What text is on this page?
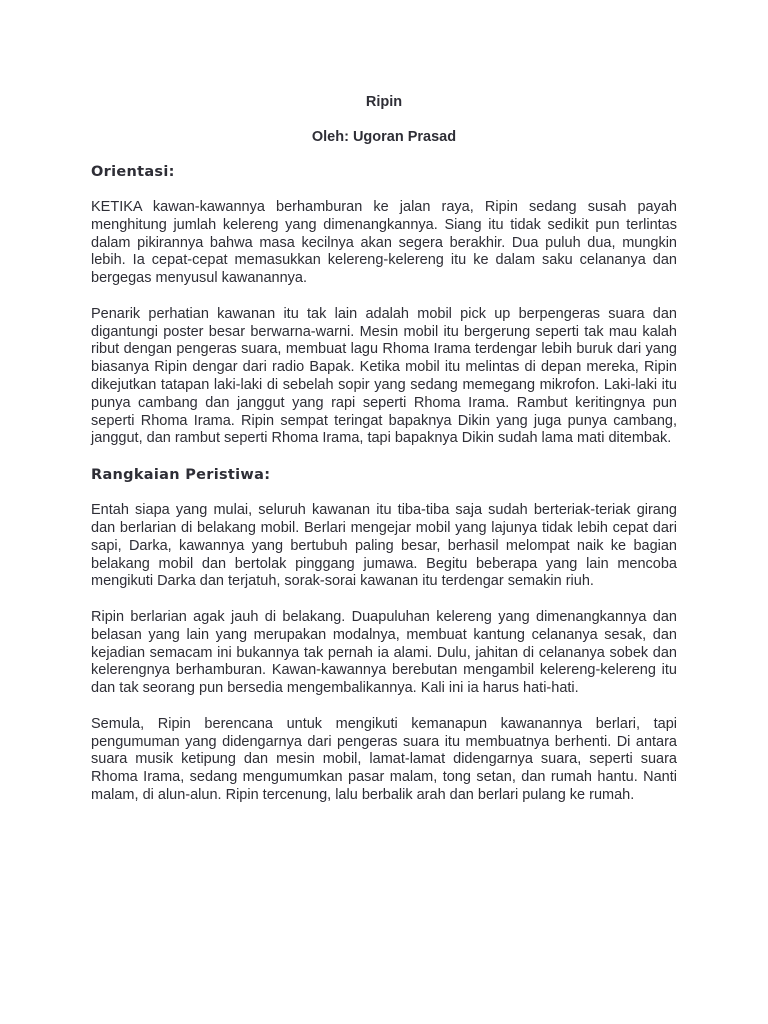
Ripin
Oleh: Ugoran Prasad
Orientasi:

KETIKA kawan-kawannya berhamburan ke jalan raya, Ripin sedang susah payah menghitung jumlah kelereng yang dimenangkannya. Siang itu tidak sedikit pun terlintas dalam pikirannya bahwa masa kecilnya akan segera berakhir. Dua puluh dua, mungkin lebih. Ia cepat-cepat memasukkan kelereng-kelereng itu ke dalam saku celananya dan bergegas menyusul kawanannya.

Penarik perhatian kawanan itu tak lain adalah mobil pick up berpengeras suara dan digantungi poster besar berwarna-warni. Mesin mobil itu bergerung seperti tak mau kalah ribut dengan pengeras suara, membuat lagu Rhoma Irama terdengar lebih buruk dari yang biasanya Ripin dengar dari radio Bapak. Ketika mobil itu melintas di depan mereka, Ripin dikejutkan tatapan laki-laki di sebelah sopir yang sedang memegang mikrofon. Laki-laki itu punya cambang dan janggut yang rapi seperti Rhoma Irama. Rambut keritingnya pun seperti Rhoma Irama. Ripin sempat teringat bapaknya Dikin yang juga punya cambang, janggut, dan rambut seperti Rhoma Irama, tapi bapaknya Dikin sudah lama mati ditembak.

Rangkaian Peristiwa:

Entah siapa yang mulai, seluruh kawanan itu tiba-tiba saja sudah berteriak-teriak girang dan berlarian di belakang mobil. Berlari mengejar mobil yang lajunya tidak lebih cepat dari sapi, Darka, kawannya yang bertubuh paling besar, berhasil melompat naik ke bagian belakang mobil dan bertolak pinggang jumawa. Begitu beberapa yang lain mencoba mengikuti Darka dan terjatuh, sorak-sorai kawanan itu terdengar semakin riuh.

Ripin berlarian agak jauh di belakang. Duapuluhan kelereng yang dimenangkannya dan belasan yang lain yang merupakan modalnya, membuat kantung celananya sesak, dan kejadian semacam ini bukannya tak pernah ia alami. Dulu, jahitan di celananya sobek dan kelerengnya berhamburan. Kawan-kawannya berebutan mengambil kelereng-kelereng itu dan tak seorang pun bersedia mengembalikannya. Kali ini ia harus hati-hati.

Semula, Ripin berencana untuk mengikuti kemanapun kawanannya berlari, tapi pengumuman yang didengarnya dari pengeras suara itu membuatnya berhenti. Di antara suara musik ketipung dan mesin mobil, lamat-lamat didengarnya suara, seperti suara Rhoma Irama, sedang mengumumkan pasar malam, tong setan, dan rumah hantu. Nanti malam, di alun-alun. Ripin tercenung, lalu berbalik arah dan berlari pulang ke rumah.
